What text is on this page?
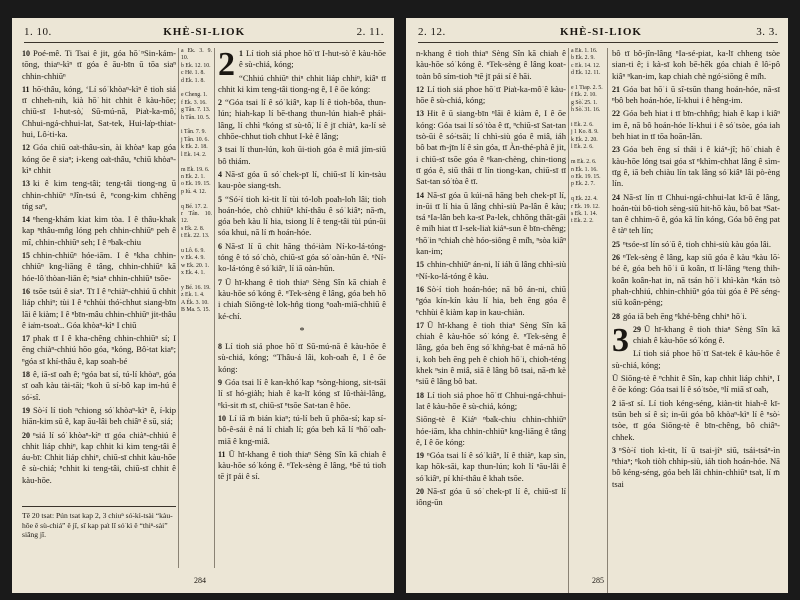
1. 10.	KHÈ-SI-LIOK	2. 11.
10 Poé-mê. Ti Tsai ê jit, góa hō͘ ⁿSin-kám-tōng, thiaⁿ-kìⁿ tī góa ê āu-bīn ū tōa siaⁿ chhin-chhiūⁿ
11 hō͘-thâu, kóng, ‘Lí só͘ khòaⁿ-kìⁿ ê tioh siá tī chheh-nih, kià hō͘ hit chhit ê kàu-hōe; chiū-sī I-hut-sò͘, Sū-mú-nā, Pia̍t-ka-mô͘, Chhui-ngá-chhui-lat, Sat-tek, Hui-la̍p-thiat-hui, Lô͘-ti-ka.
12 Góa chiū oa̍t-thâu-sìn, ài khòaⁿ kap góa kóng ōe ê siaⁿ; i-keng oa̍t-thâu, ⁿchiū khòaⁿ-kìⁿ chhit
13 ki ê kim teng-tâi; teng-tâi tiong-ng ū chhin-chhiūⁿ ⁿJîn-tsú ê, ⁿcong-kim chhēng tńg saⁿ,
14 ⁿheng-khám kiat kim tòa. I ê thâu-khak kap ⁿthâu-mn̂g lóng peh chhin-chhiūⁿ peh ê mî, chhin-chhiūⁿ seh; I ê ⁿba̍k-chiu
15 chhin-chhiūⁿ hóe-iām. I ê ⁿkha chhin-chhiūⁿ kng-liāng ê tâng, chhin-chhiūⁿ kā hóe-lô͘ thòan-liān ê; ⁿsiaⁿ chhin-chhiūⁿ tsōe-
16 tsōe tsúi ê siaⁿ. Tī I ê ⁿchiàⁿ-chhiú ū chhit liáp chhiⁿ; tùi I ê ⁿchhùi thó͘-chhut siang-bīn lāi ê kiàm; I ê ⁿbīn-mâu chhin-chhiūⁿ jit-thâu ê ia̍m-tsoa̍t.. Góa khòaⁿ-kìⁿ I chiū
17 phak tī I ê kha-chêng chhin-chhiūⁿ sí; I ēng chiàⁿ-chhiú hōo góa, ⁿkóng, Bô͘-tat kiaⁿ; ⁿgóa sī khí-thâu ê, kap soah-bé
18 ê, iā-sī oa̍h ê; ⁿgóa bat sí, tú-lí khòaⁿ, góa sī oa̍h kàu tài-tāi; ⁿkoh ū sí-bô kap im-hú ê só͘-sî.
19 Sò͘-í lí tioh ⁿchiong só͘ khòaⁿ-kìⁿ ê, í-kip hiān-kim sū ê, kap āu-lâi beh chiâⁿ ê sū, siá;
20 ⁿsiá lí só͘ khòaⁿ-kìⁿ tī góa chiàⁿ-chhiú ê chhit liáp chhiⁿ, kap chhit ki kim teng-tâi ê áu-bī: Chhit liáp chhiⁿ, chiū-sī chhit kàu-hōe ê sù-chiá; ⁿchhit ki teng-tâi, chiū-sī chhit ê kàu-hōe.
a Ek. 3. 9. 10.
b Ek. 12. 10.
c Hē. 1. 8.
d Ek. 1. 8.

e Cheng. 1.
f Ek. 3. 16.
g Tân. 7. 13.
h Tân. 10. 5.

i Tân. 7. 9.
j Tân. 10. 6.
k Ek. 2. 18.
l Ek. 14. 2.

m Ek. 19. 6.
n Ek. 2. 1.
o Ek. 19. 15.
p Iú. 4. 12.

q Bé. 17. 2.
r Tân. 10. 12.
s Ek. 2. 8.
t Ek. 22. 13.

u Lô. 6. 9.
v Ek. 4. 9.
w Ek. 20. 1.
x Ek. 4. 1.

y Bé. 16. 19.
z Ek. 1. 4.
A Ék. 3. 10.
B Ma. 5. 15.

2 1 Lí tioh siá phoe hō͘ tī I-hut-sò͘ ê kàu-hōe ê sù-chiá, kóng;
“Chhiú chhiūⁿ thiⁿ chhit liáp chhiⁿ, kiâⁿ tī chhit ki kim teng-tâi tiong-ng ê, I ê ōe kóng:
2 “Góa tsai lí ê só͘ kiâⁿ, kap lí ê tioh-bôa, thun-lún; hiah-kap lí bē-thang thun-lún hiah-ê phái-lâng, lí chhì ⁿkóng sī sù-tô͘, lí ê jī chiàⁿ, ka-lí sè chhōe-chhut tio̍h chhut I-kè ê lâng;
3 tsai lí thun-lún, koh ūi-tioh góa ê miâ jím-siū bô thiám.
4 Nā-sī góa ū só͘ chek-pī lí, chiū-sī lí kìn-tsàu kau-pòe siang-tsh.
5 “Só͘-í tioh kì-tit lí tùi tó-lo̍h poa̍h-lo̍h lâi; tioh hoán-hóe, chò chhiūⁿ khí-thâu ê só͘ kiâⁿ; nā-m̄, góa beh kàu lí hia, tsiong lí ê teng-tâi tùi pún-ūi sóa khui, nā lí m̄ hoán-hóe.
6 Nā-sī lí ū chit hāng thó͘-iàm Ní-ko-lá-tóng-tóng ê tó só͘ chò, chiū-sī góa só͘ oàn-hūn ê. ⁿNí-ko-lá-tóng ê só͘ kiâⁿ, lí iā oàn-hūn.
7 Ū hī-khang ê tioh thiaⁿ Sèng Sîn kā chiah ê kàu-hōe só͘ kóng ê. ⁿTek-sèng ê lâng, góa beh hō͘ i chia̍h Siōng-tè lo̍k-hn̂g tiong ⁿoa̍h-miā-chhiū ê ké-chí.
*
8 Lí tioh siá phoe hō͘ tī Sū-mú-nā ê kàu-hōe ê sù-chiá, kóng; “Thâu-á lâi, koh-oa̍h ê, I ê ōe kóng:
9 Góa tsai lí ê kan-khó͘ kap ⁿsòng-hiong, sit-tsāi lí sī hó-giàh; hiah ê ka-lī kóng sī Iû-thài-lâng, ⁿkì-sit m̄ sī, chiū-sī ⁿtsōe Sat-tan ê hōe.
10 Lí iā m̄ bián kiaⁿ; tú-lí beh ū phōa-sí; kap sí-bô-ê-sái ê ná lí chia̍h lí; góa beh kā lí ⁿhō͘ oa̍h-miā ê kng-miâ.
11 Ū hī-khang ê tioh thiaⁿ Sèng Sîn kā chiah ê kàu-hōe só͘ kóng ê. ⁿTek-sèng ê lâng, ⁿbē tú tio̍h tē jī pái ê sí.
Tē 20 tsat: Pún tsat kap 2, 3 chiuⁿ só͘-kì-tsài “kàu-hōe ê sù-chiá” ê jī, sī kap pa̍t lī só͘ kì ê “thiⁿ-sài” siāng jī.
284
2. 12.	KHÈ-SI-LIOK	3. 3.
n-khang ê tioh thiaⁿ Sèng Sîn kā chiah ê kàu-hōe só͘ kóng ê. ⁿTek-sèng ê lâng koat-toàn bô sím-tioh ⁿtē jī pái sí ê hāi.
12 Lí tioh siá phoe hō͘ tī Pia̍t-ka-mô͘ ê kàu-hōe ê sù-chiá, kóng;
13 Hit ê ū siang-bīn ⁿlāi ê kiàm ê, I ê ōe kóng: Góa tsai lí só͘ tòa ê tī, ⁿchiū-sī Sat-tan tsò-ūi ê só͘-tsāi; lí chhì-siù góa ê miâ, iáh bô bat m̄-jīn lí ê sìn góa, tī Àn-thé-phà ê jit, i chiū-sī tsōe góa ê ⁿkan-chèng, chin-tiong tī góa ê, siū thâi tī lín tiong-kan, chiū-sī tī Sat-tan só͘ tòa ê tī.
14 Nā-sī góa ū kúi-nā hāng beh chek-pī lí, in-ūi tī lí hia ū lâng chhì-siù Pa-lân ê kàu; tsá ⁿIa-lân beh ka-sī Pa-lek, chhōng thāt-gāi ê mi̍h hiat tī I-sek-lia̍t kiáⁿ-sun ê bīn-chêng; ⁿhō͘ in ⁿchia̍h chè hóo-siông ê mi̍h, ⁿsòa kiâⁿ kan-im;
15 chhin-chhiūⁿ án-ni, lí iáh ū lâng chhì-siù ⁿNí-ko-lá-tóng ê kàu.
16 Sò͘-í tioh hoán-hóe; nā bô án-ni, chiū ⁿgóa kín-kín kàu lí hia, beh ēng góa ê ⁿchhùi ê kiàm kap in kau-chiàn.
17 Ū hī-khang ê tioh thiaⁿ Sèng Sîn kā chiah ê kàu-hōe só͘ kóng ê. ⁿTek-sèng ê lâng, góa beh ēng só͘ khǹg-bat ê má-nā hō͘ i, koh beh ēng peh ê chioh hō͘ i, chio̍h-téng khek ⁿsin ê miâ, siā ê lâng bô tsai, nā-m̄ kè ⁿsiū ê lâng bô bat.
18 Lí tioh siá phoe hō͘ tī Chhui-ngá-chhui-lat ê kàu-hōe ê sù-chiá, kóng;
Siōng-tè ê Kiáⁿ ⁿba̍k-chiu chhin-chhiūⁿ hóe-iām, kha chhin-chhiūⁿ kng-liāng ê tâng ê, I ê ōe kóng:
19 ⁿGóa tsai lí ê só͘ kiâⁿ, lí ê thiàⁿ, kap sìn, kap hōk-sāi, kap thun-lún; koh lí ⁿāu-lâi ê só͘ kiâⁿ, pí khí-thâu ê khah tsōe.
20 Nā-sī góa ū só͘ chek-pī lí ê, chiū-sī lí iông-ūn
a Ek. 1. 16.
b Ek. 2. 9.
c Ek. 14. 12.
d Ek. 12. 11.

e 1 Tiap. 2. 5.
f Ek. 2. 10.
g Sò͘. 25. 1.
h Sò͘. 31. 16.

i Ek. 2. 6.
j 1 Ko. 8. 9.
k Ek. 2. 20.
l Ek. 2. 6.

m Ek. 2. 6.
n Ek. 1. 16.
o Ek. 19. 15.
p Ek. 2. 7.

q Ek. 22. 4.
r Ek. 19. 12.
s Ek. 1. 14.
t Ek. 2. 2.

bô tī bô-jîn-lâng ⁿIa-sé-piat, ka-lī chheng tsòe sian-ti ê; i kà-sī koh bē-hēk góa chiah ê lô͘-pô͘ kiâⁿ ⁿkan-im, kap chiah chè ngó͘-siōng ê mi̍h.
21 Góa bat hō͘ i ū sî-tsūn thang hoán-hóe, nā-sī ⁿbô beh hoán-hóe, lí-khui i ê hêng-im.
22 Góa beh hiat i tī bīn-chhn̂g; hiah ê kap i kiâⁿ im ê, nā bô hoán-hóe lí-khui i ê só͘ tsòe, góa iah beh hiat in tī tōa hoān-lān.
23 Góa beh ēng sí thâi i ê kiáⁿ-jî; hō͘ chiah ê kàu-hōe lóng tsai góa sī ⁿkhìm-chhat lâng ê sìm-tīg ê, iā beh chiàu lín tak lâng só͘ kiâⁿ lâi pò-èng lín.
24 Nā-sī lín tī Chhui-ngá-chhui-lat kī-ū ê lâng, hoán-tùi bô-tioh sèng-siū hit-hō kàu, bô bat ⁿSat-tan ê chhim-ō ê, góa kā lín kóng, Góa bô ēng pat ê tàⁿ teh lín;
25 ⁿtsóe-sī lín só͘ ū ê, tioh chhi-siù kàu góa lâi.
26 ⁿTek-sèng ê lâng, kap siū góa ê kàu ⁿkàu lō͘-bé ê, góa beh hō͘ i ū koân, tī lí-lâng ⁿteng thih-koân koân-hat in, nā tsán hō͘ i khì-kàn ⁿkán tsò phah-chhiú, chhin-chhiūⁿ góa tùi góa ê Pē séng-siū koân-pèng;
28 góa iā beh ēng ⁿkhé-bêng chhiⁿ hō͘ i.
3 29 Ū hī-khang ê tioh thiaⁿ Sèng Sîn kā chiah ê kàu-hōe só͘ kóng ê.
Lí tioh siá phoe hō͘ tī Sat-tek ê kàu-hōe ê sù-chiá, kóng;
Ū Siōng-tè ê ⁿchhit ê Sîn, kap chhit liáp chhiⁿ, I ê ōe kóng: Góa tsai lí ê só͘ tsòe, ⁿlí miā sī oa̍h,
2 iā-sī sí. Lí tioh kéng-séng, kiàn-tit hiah-ê kī-tsūn beh sí ê sì; in-ūi góa bô khòaⁿ-kìⁿ lí ê ⁿsò͘-tsòe, tī góa Siōng-tè ê bīn-chêng, bô chiâⁿ-chhek.
3 ⁿSò͘-í tioh kì-tit, lí ū tsai-jíⁿ siū, tsái-tsáⁿ-ìn ⁿthiaⁿ; ⁿkoh tiòh chhip-siù, iáh tioh hoán-hóe. Nā bô kéng-séng, góa beh lâi chhin-chhiūⁿ tsa̍t, lí m̄ tsai
285
